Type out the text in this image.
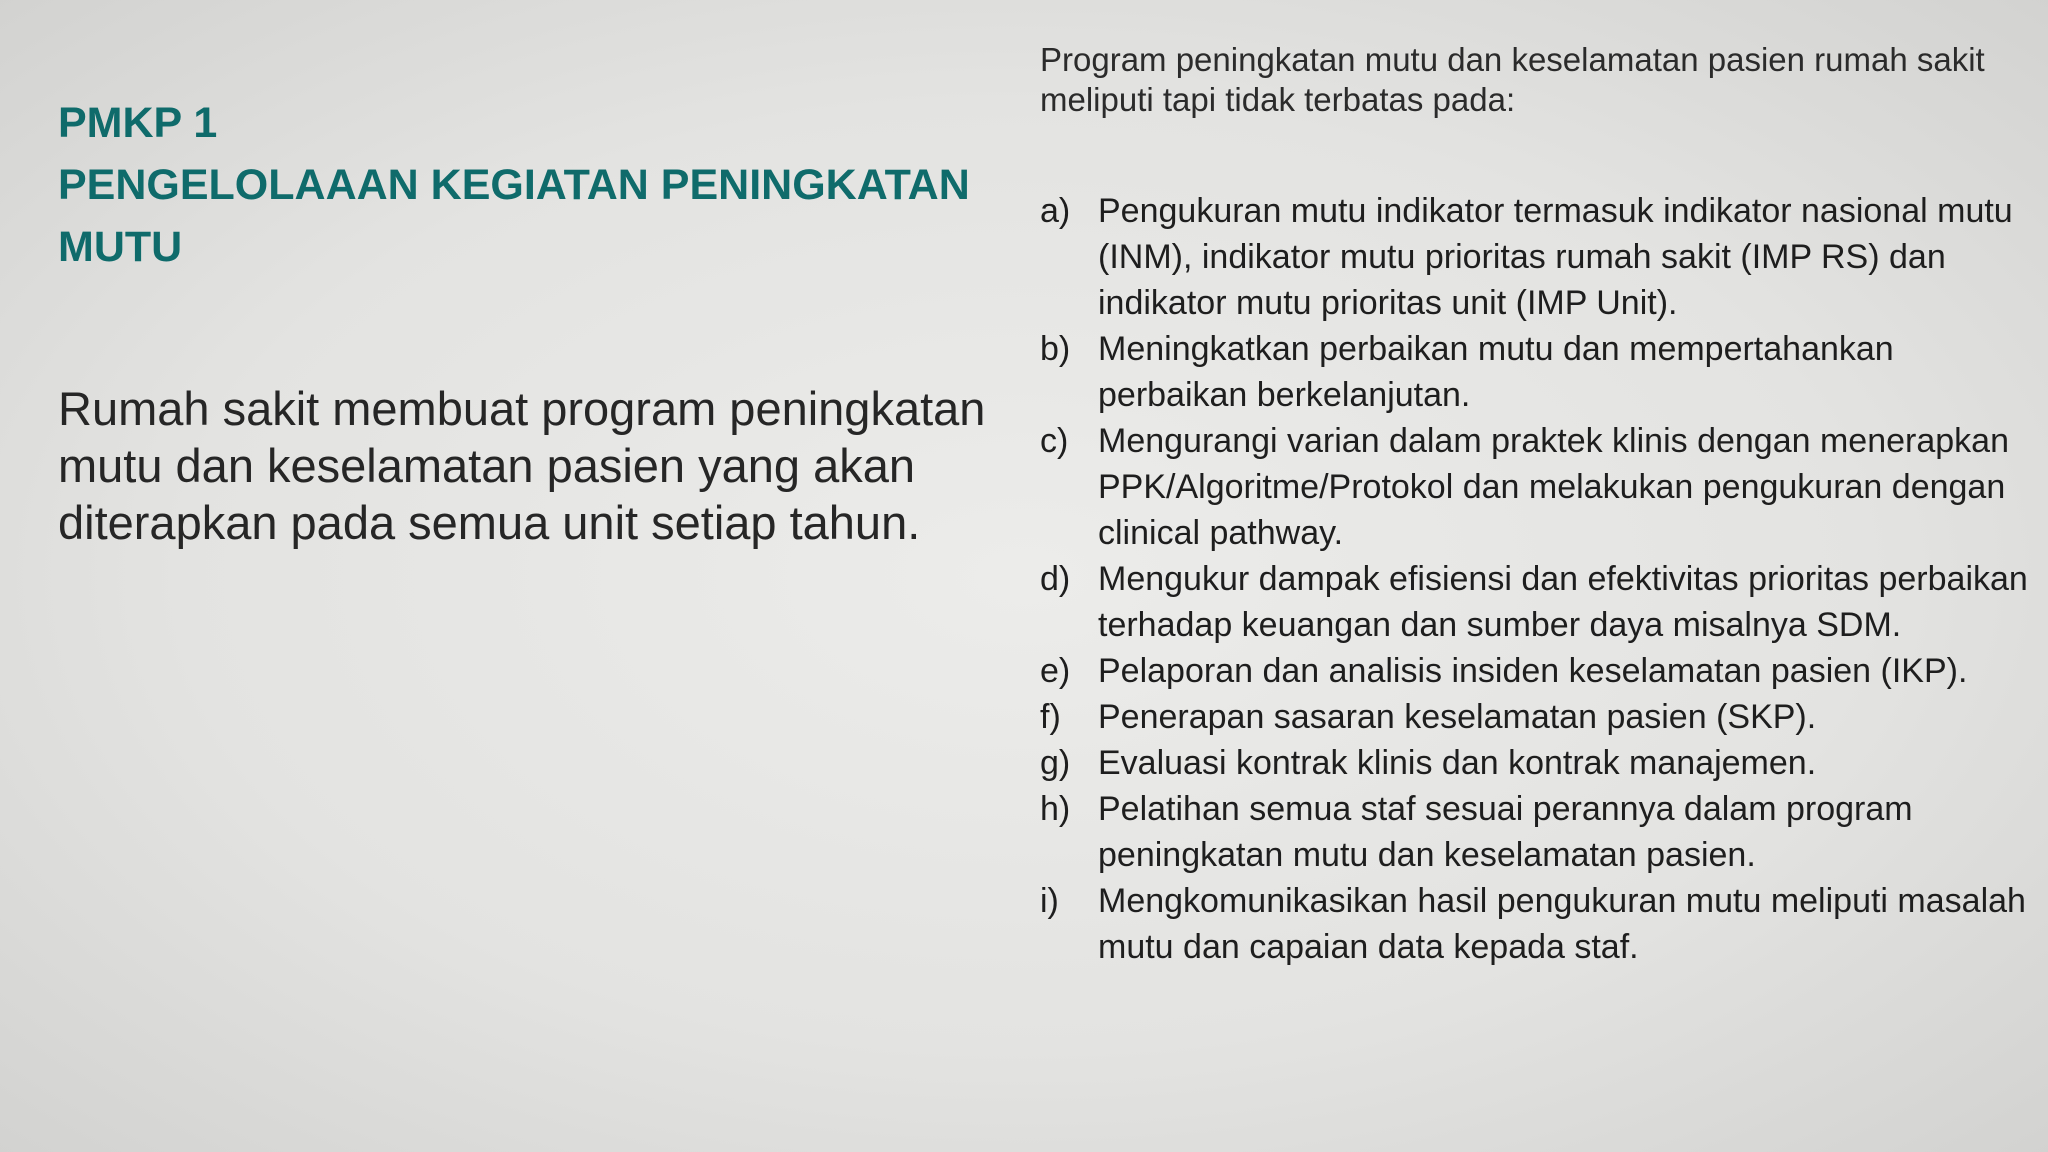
PMKP 1
PENGELOLAAAN KEGIATAN PENINGKATAN
MUTU

Rumah sakit membuat program peningkatan mutu dan keselamatan pasien yang akan diterapkan pada semua unit setiap tahun.

Program peningkatan mutu dan keselamatan pasien rumah sakit meliputi tapi tidak terbatas pada:

a) Pengukuran mutu indikator termasuk indikator nasional mutu (INM), indikator mutu prioritas rumah sakit (IMP RS) dan indikator mutu prioritas unit (IMP Unit).
b) Meningkatkan perbaikan mutu dan mempertahankan perbaikan berkelanjutan.
c) Mengurangi varian dalam praktek klinis dengan menerapkan PPK/Algoritme/Protokol dan melakukan pengukuran dengan clinical pathway.
d) Mengukur dampak efisiensi dan efektivitas prioritas perbaikan terhadap keuangan dan sumber daya misalnya SDM.
e) Pelaporan dan analisis insiden keselamatan pasien (IKP).
f)	Penerapan sasaran keselamatan pasien (SKP).
g) Evaluasi kontrak klinis dan kontrak manajemen.
h) Pelatihan semua staf sesuai perannya dalam program peningkatan mutu dan keselamatan pasien.
i)	Mengkomunikasikan hasil pengukuran mutu meliputi masalah mutu dan capaian data kepada staf.
